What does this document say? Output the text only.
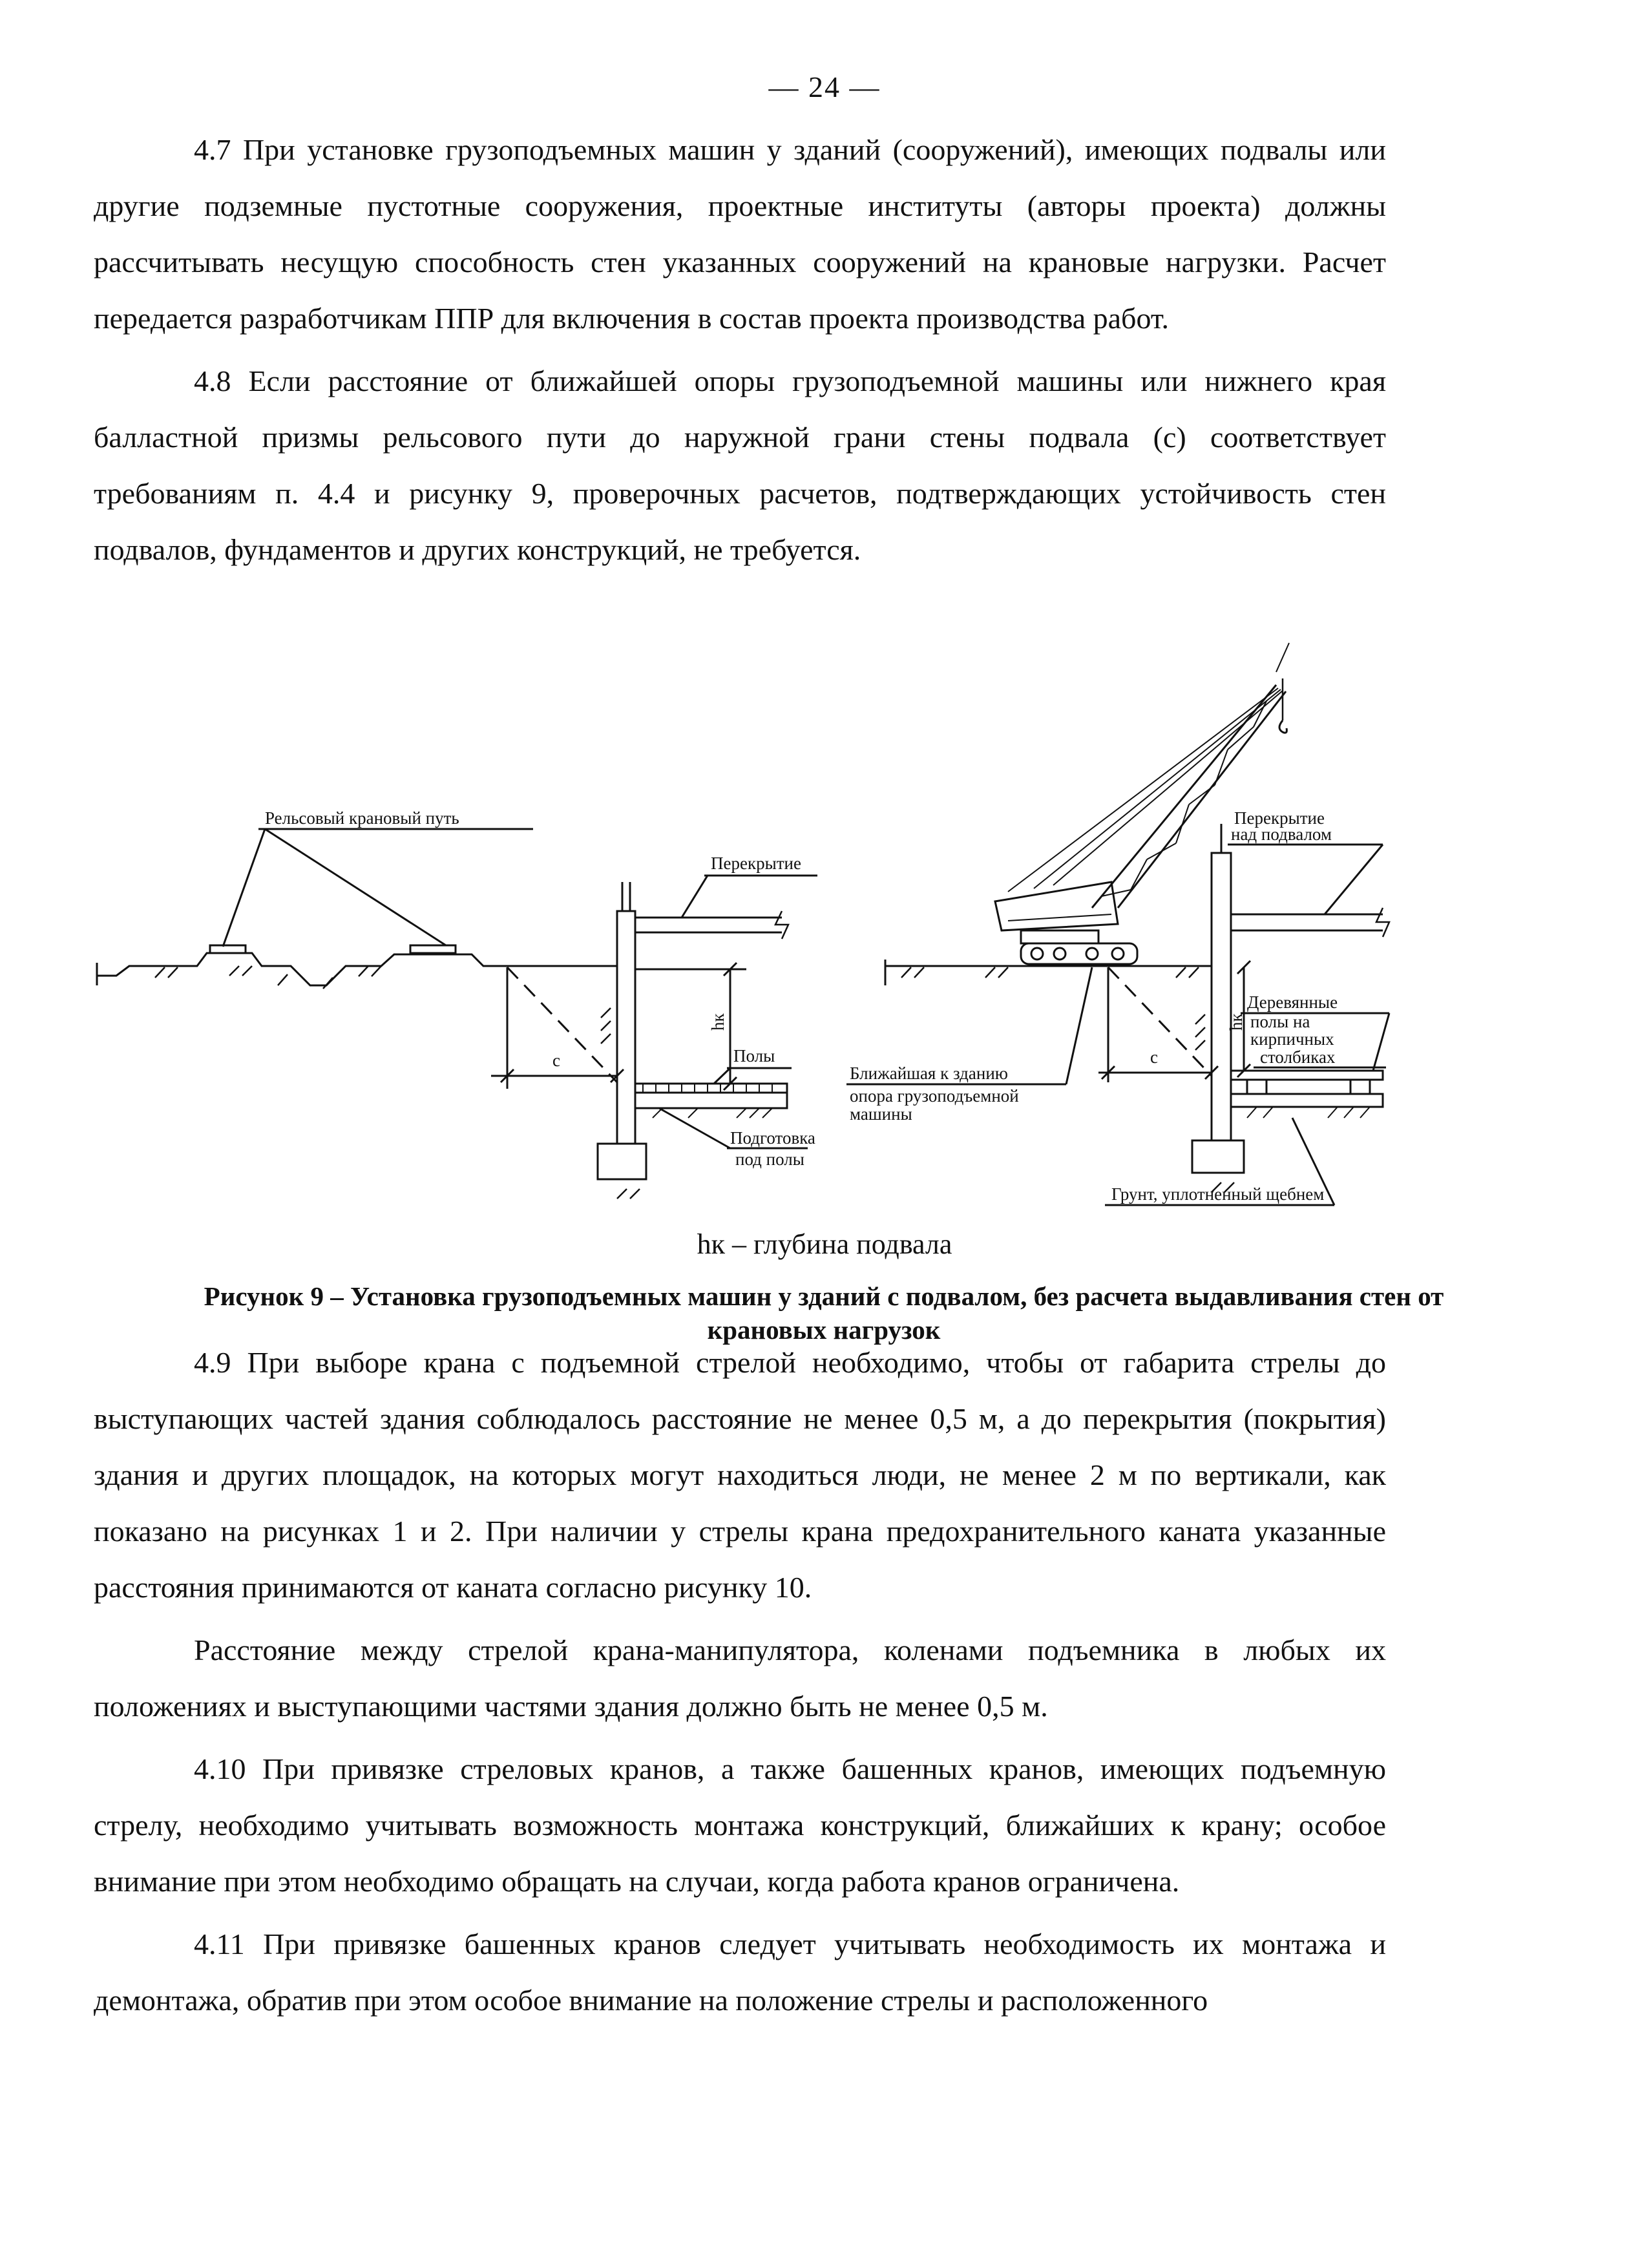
— 24 —

4.7 При установке грузоподъемных машин у зданий (сооружений), имеющих подвалы или другие подземные пустотные сооружения, проектные институты (авторы проекта) должны рассчитывать несущую способность стен указанных сооружений на крановые нагрузки. Расчет передается разработчикам ППР для включения в состав проекта производства работ.

4.8 Если расстояние от ближайшей опоры грузоподъемной машины или нижнего края балластной призмы рельсового пути до наружной грани стены подвала (с) соответствует требованиям п. 4.4 и рисунку 9, проверочных расчетов, подтверждающих устойчивость стен подвалов, фундаментов и других конструкций, не требуется.

Рельсовый крановый путь
Перекрытие
Полы
Подготовка
под полы
с
hк
Ближайшая к зданию
опора грузоподъемной
машины
с
Перекрытие
над подвалом
Деревянные
полы на
кирпичных
столбиках
hк
Грунт, уплотненный щебнем
hк – глубина подвала
Рисунок 9 – Установка грузоподъемных машин у зданий с подвалом, без расчета выдавливания стен от крановых нагрузок

4.9 При выборе крана с подъемной стрелой необходимо, чтобы от габарита стрелы до выступающих частей здания соблюдалось расстояние не менее 0,5 м, а до перекрытия (покрытия) здания и других площадок, на которых могут находиться люди, не менее 2 м по вертикали, как показано на рисунках 1 и 2. При наличии у стрелы крана предохранительного каната указанные расстояния принимаются от каната согласно рисунку 10.

Расстояние между стрелой крана-манипулятора, коленами подъемника в любых их положениях и выступающими частями здания должно быть не менее 0,5 м.

4.10 При привязке стреловых кранов, а также башенных кранов, имеющих подъемную стрелу, необходимо учитывать возможность монтажа конструкций, ближайших к крану; особое внимание при этом необходимо обращать на случаи, когда работа кранов ограничена.

4.11 При привязке башенных кранов следует учитывать необходимость их монтажа и демонтажа, обратив при этом особое внимание на положение стрелы и расположенного
